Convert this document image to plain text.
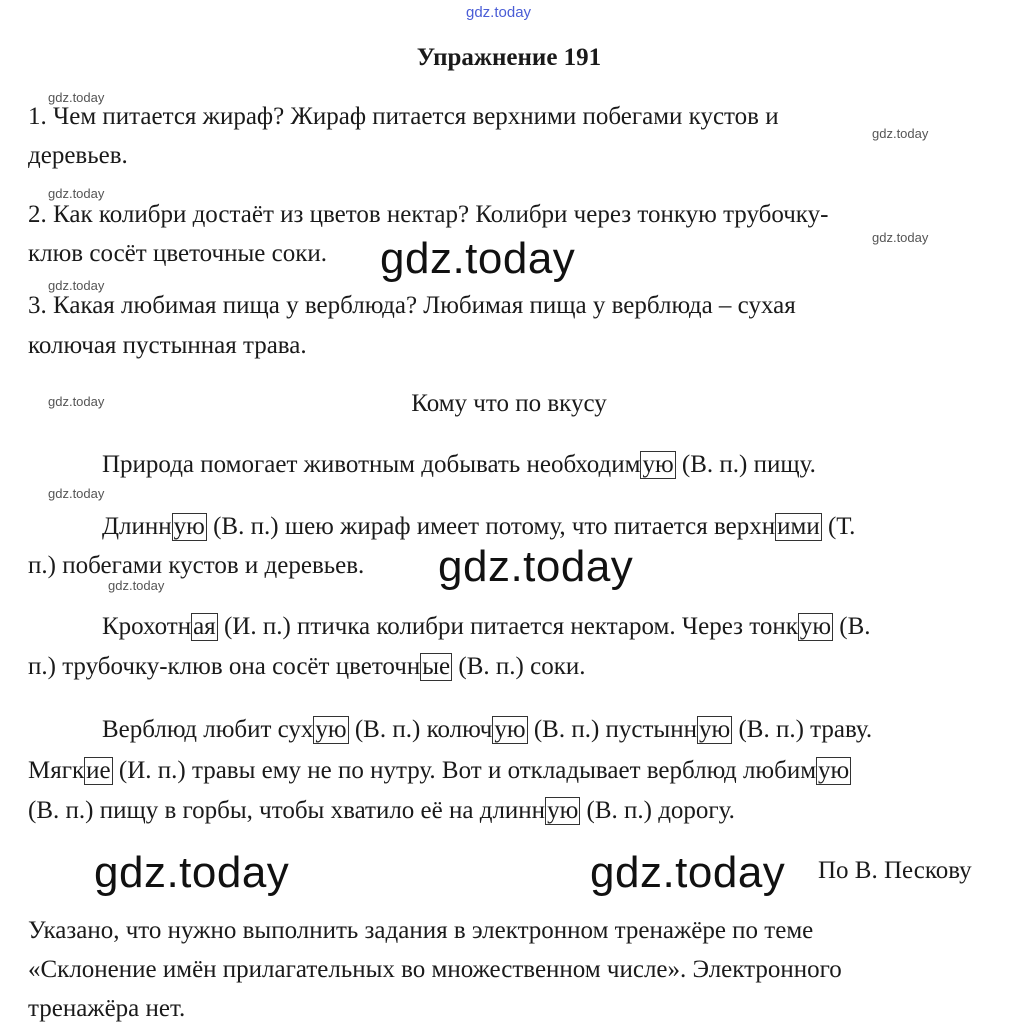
gdz.today
Упражнение 191
gdz.today
1. Чем питается жираф? Жираф питается верхними побегами кустов и
gdz.today
деревьев.
gdz.today
2. Как колибри достаёт из цветов нектар? Колибри через тонкую трубочку-
gdz.today
клюв сосёт цветочные соки. gdz.today
gdz.today
3. Какая любимая пища у верблюда? Любимая пища у верблюда – сухая
колючая пустынная трава.
gdz.today	Кому что по вкусу
Природа помогает животным добывать необходимую (В. п.) пищу.
gdz.today
Длинную (В. п.) шею жираф имеет потому, что питается верхними (Т.
п.) побегами кустов и деревьев. gdz.today
gdz.today
Крохотная (И. п.) птичка колибри питается нектаром. Через тонкую (В.
п.) трубочку-клюв она сосёт цветочные (В. п.) соки.
Верблюд любит сухую (В. п.) колючую (В. п.) пустынную (В. п.) траву.
Мягкие (И. п.) травы ему не по нутру. Вот и откладывает верблюд любимую
(В. п.) пищу в горбы, чтобы хватило её на длинную (В. п.) дорогу.
gdz.today	gdz.today По В. Пескову
Указано, что нужно выполнить задания в электронном тренажёре по теме
«Склонение имён прилагательных во множественном числе». Электронного
тренажёра нет.
